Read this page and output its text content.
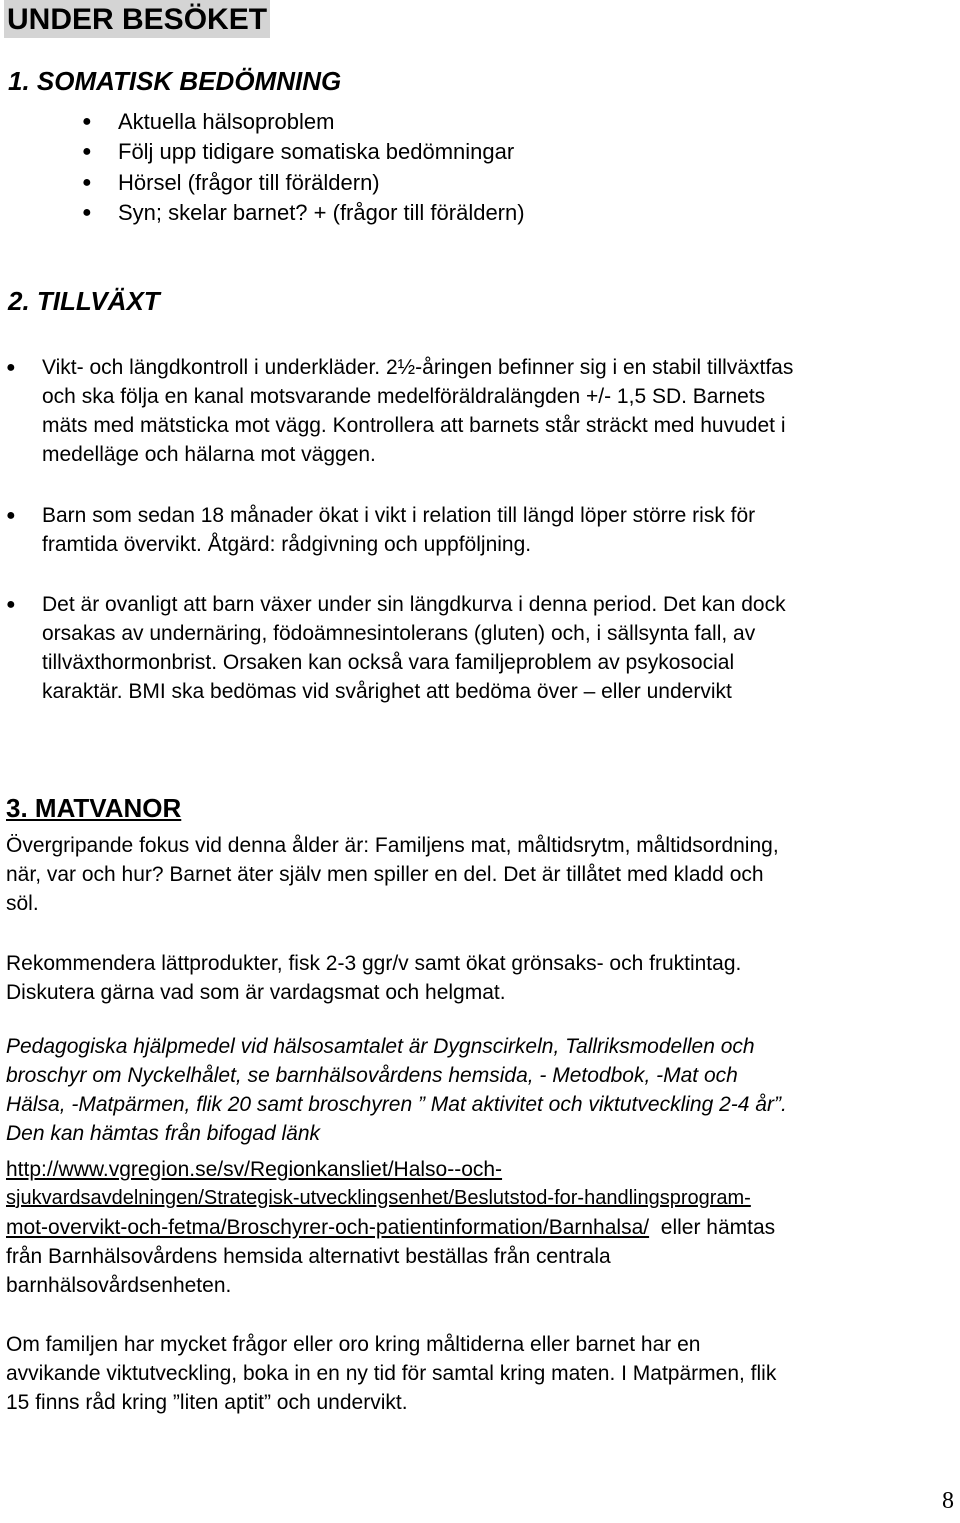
UNDER BESÖKET
1. SOMATISK BEDÖMNING
● Aktuella hälsoproblem
● Följ upp tidigare somatiska bedömningar
● Hörsel (frågor till föräldern)
● Syn; skelar barnet? + (frågor till föräldern)
2. TILLVÄXT
● Vikt- och längdkontroll i underkläder. 2½-åringen befinner sig i en stabil tillväxtfas
och ska följa en kanal motsvarande medelföräldralängden +/- 1,5 SD. Barnets
mäts med mätsticka mot vägg. Kontrollera att barnets står sträckt med huvudet i
medelläge och hälarna mot väggen.
● Barn som sedan 18 månader ökat i vikt i relation till längd löper större risk för
framtida övervikt. Åtgärd: rådgivning och uppföljning.
● Det är ovanligt att barn växer under sin längdkurva i denna period. Det kan dock
orsakas av undernäring, födoämnesintolerans (gluten) och, i sällsynta fall, av
tillväxthormonbrist. Orsaken kan också vara familjeproblem av psykosocial
karaktär. BMI ska bedömas vid svårighet att bedöma över – eller undervikt
3. MATVANOR
Övergripande fokus vid denna ålder är: Familjens mat, måltidsrytm, måltidsordning,
när, var och hur? Barnet äter själv men spiller en del. Det är tillåtet med kladd och
söl.
Rekommendera lättprodukter, fisk 2-3 ggr/v samt ökat grönsaks- och fruktintag.
Diskutera gärna vad som är vardagsmat och helgmat.
Pedagogiska hjälpmedel vid hälsosamtalet är Dygnscirkeln, Tallriksmodellen och
broschyr om Nyckelhålet, se barnhälsovårdens hemsida, - Metodbok, -Mat och
Hälsa, -Matpärmen, flik 20 samt broschyren ” Mat aktivitet och viktutveckling 2-4 år”.
Den kan hämtas från bifogad länk
http://www.vgregion.se/sv/Regionkansliet/Halso--och-
sjukvardsavdelningen/Strategisk-utvecklingsenhet/Beslutstod-for-handlingsprogram-
mot-overvikt-och-fetma/Broschyrer-och-patientinformation/Barnhalsa/  eller hämtas
från Barnhälsovårdens hemsida alternativt beställas från centrala
barnhälsovårdsenheten.
Om familjen har mycket frågor eller oro kring måltiderna eller barnet har en
avvikande viktutveckling, boka in en ny tid för samtal kring maten. I Matpärmen, flik
15 finns råd kring ”liten aptit” och undervikt.
8
